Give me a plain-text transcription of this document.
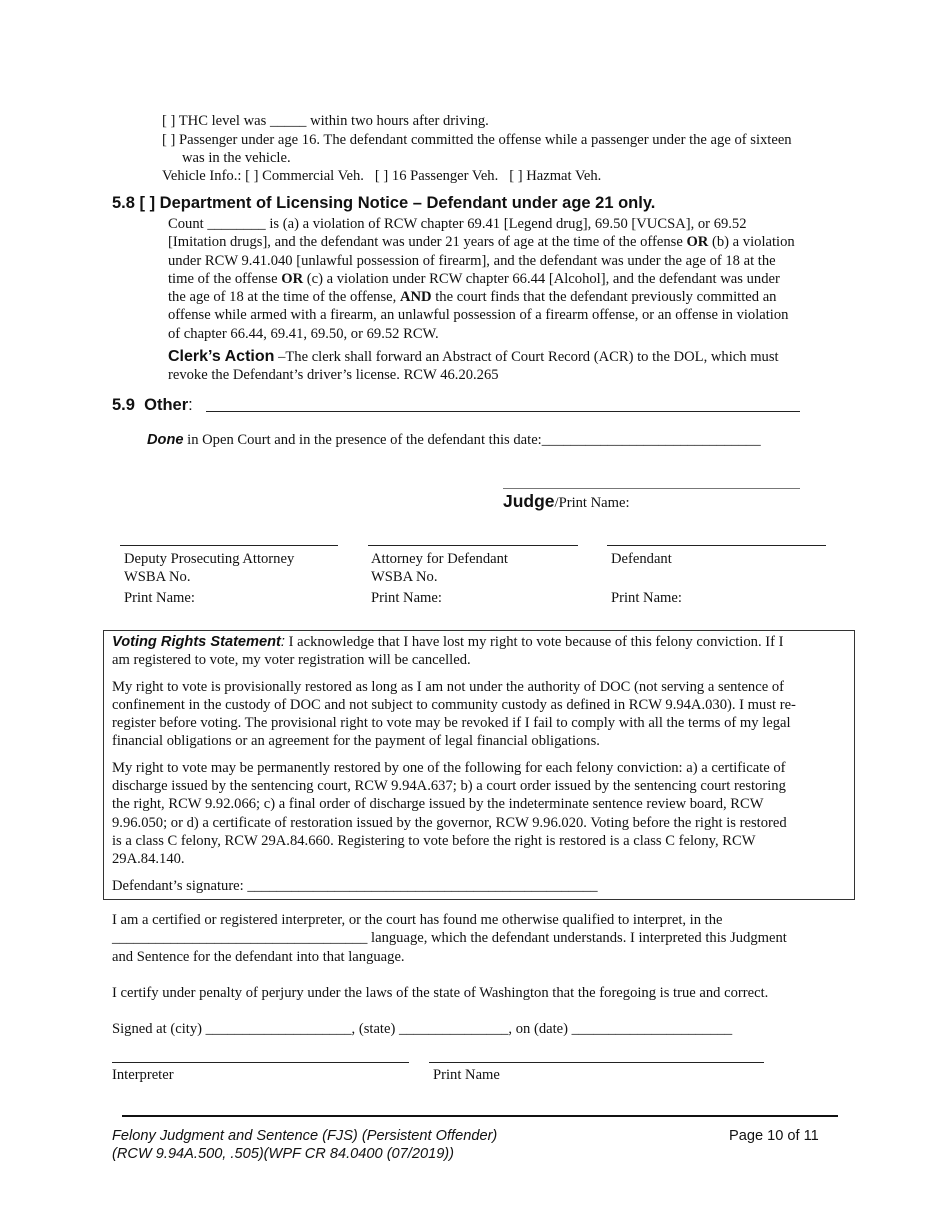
[ ] THC level was _____ within two hours after driving.
[ ] Passenger under age 16. The defendant committed the offense while a passenger under the age of sixteen
was in the vehicle.
Vehicle Info.: [ ] Commercial Veh.   [ ] 16 Passenger Veh.   [ ] Hazmat Veh.
5.8 [ ] Department of Licensing Notice – Defendant under age 21 only.

Count ________ is (a) a violation of RCW chapter 69.41 [Legend drug], 69.50 [VUCSA], or 69.52

[Imitation drugs], and the defendant was under 21 years of age at the time of the offense OR (b) a violation

under RCW 9.41.040 [unlawful possession of firearm], and the defendant was under the age of 18 at the

time of the offense OR (c) a violation under RCW chapter 66.44 [Alcohol], and the defendant was under

the age of 18 at the time of the offense, AND the court finds that the defendant previously committed an

offense while armed with a firearm, an unlawful possession of a firearm offense, or an offense in violation

of chapter 66.44, 69.41, 69.50, or 69.52 RCW.

Clerk’s Action –The clerk shall forward an Abstract of Court Record (ACR) to the DOL, which must

revoke the Defendant’s driver’s license. RCW 46.20.265

5.9 Other:
Done in Open Court and in the presence of the defendant this date:______________________________
Judge/Print Name:
Deputy Prosecuting Attorney
WSBA No.
Print Name:
Attorney for Defendant
WSBA No.
Print Name:
Defendant
Print Name:

Voting Rights Statement: I acknowledge that I have lost my right to vote because of this felony conviction. If I

am registered to vote, my voter registration will be cancelled.

My right to vote is provisionally restored as long as I am not under the authority of DOC (not serving a sentence of

confinement in the custody of DOC and not subject to community custody as defined in RCW 9.94A.030). I must re-

register before voting. The provisional right to vote may be revoked if I fail to comply with all the terms of my legal

financial obligations or an agreement for the payment of legal financial obligations.

My right to vote may be permanently restored by one of the following for each felony conviction: a) a certificate of

discharge issued by the sentencing court, RCW 9.94A.637; b) a court order issued by the sentencing court restoring

the right, RCW 9.92.066; c) a final order of discharge issued by the indeterminate sentence review board, RCW

9.96.050; or d) a certificate of restoration issued by the governor, RCW 9.96.020. Voting before the right is restored

is a class C felony, RCW 29A.84.660. Registering to vote before the right is restored is a class C felony, RCW

29A.84.140.

Defendant’s signature: ________________________________________________

I am a certified or registered interpreter, or the court has found me otherwise qualified to interpret, in the

___________________________________ language, which the defendant understands. I interpreted this Judgment

and Sentence for the defendant into that language.

I certify under penalty of perjury under the laws of the state of Washington that the foregoing is true and correct.
Signed at (city) ____________________, (state) _______________, on (date) ______________________
Interpreter	Print Name
Felony Judgment and Sentence (FJS) (Persistent Offender)
(RCW 9.94A.500, .505)(WPF CR 84.0400 (07/2019))
Page 10 of 11
